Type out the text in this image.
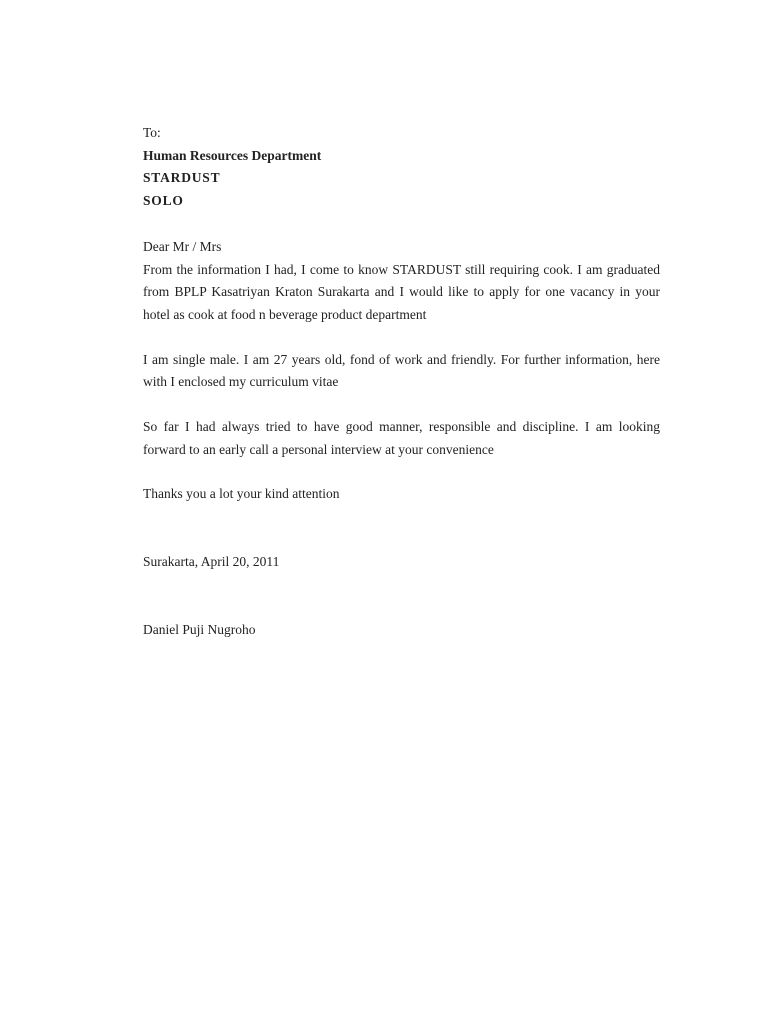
To:
Human Resources Department
STARDUST
SOLO
Dear Mr / Mrs
From the information I had, I come to know STARDUST still requiring cook. I am graduated from BPLP Kasatriyan Kraton Surakarta and I would like to apply for one vacancy in your hotel as cook at food n beverage product department
I am single male. I am 27 years old, fond of work and friendly. For further information, here with I enclosed my curriculum vitae
So far I had always tried to have good manner, responsible and discipline. I am looking forward to an early call a personal interview at your convenience
Thanks you a lot your kind attention
Surakarta, April 20, 2011
Daniel Puji Nugroho
